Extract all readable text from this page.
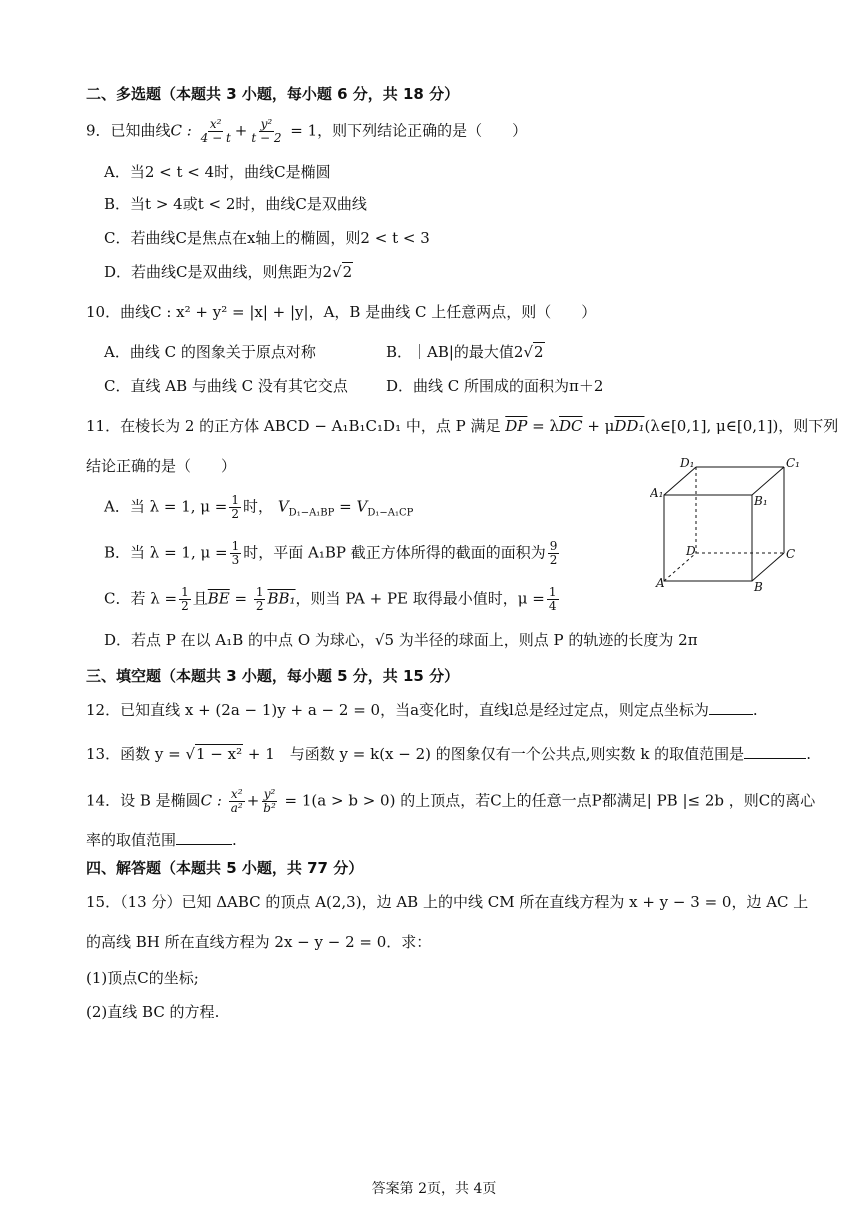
二、多选题（本题共 3 小题，每小题 6 分，共 18 分）
9．已知曲线C : $\frac{\text{x²}}{4 - t} + \frac{\text{y²}}{t - 2} = 1$，则下列结论正确的是（　　）
A．当2 < t < 4时，曲线C是椭圆
B．当t > 4或t < 2时，曲线C是双曲线
C．若曲线C是焦点在x轴上的椭圆，则2 < t < 3
D．若曲线C是双曲线，则焦距为2√2
10．曲线C : x² + y² = |x| + |y|，A，B 是曲线 C 上任意两点，则（　　）
A．曲线 C 的图象关于原点对称	B．｜AB|的最大值2√2
C．直线 AB 与曲线 C 没有其它交点	D．曲线 C 所围成的面积为π＋2
11．在棱长为 2 的正方体 ABCD − A₁B₁C₁D₁ 中，点 P 满足 $\overline{DP} = \lambda\overline{DC}$ + μDD₁(λ∈[0,1], μ∈[0,1])，则下列
结论正确的是（　　）
A．当 λ = 1, $\mu = \frac{1}{2}$ 时， $V_{D_1-A_1BP} = V_{D_1-A_1CP}$
B．当 λ = 1, $\mu = \frac{1}{3}$ 时，平面 A₁BP 截正方体所得的截面的面积为 $\frac{9}{2}$
C．若 $\lambda = \frac{1}{2}$ 且$\overline{BE} = \frac{1}{2} BB_1$，则当 PA + PE 取得最小值时，$\mu = \frac{1}{4}$
D．若点 P 在以 A₁B 的中点 O 为球心，√5 为半径的球面上，则点 P 的轨迹的长度为 2π
D₁	C₁
A₁
B₁
D	C
A	B
三、填空题（本题共 3 小题，每小题 5 分，共 15 分）
12．已知直线 x + (2a − 1)y + a − 2 = 0，当a变化时，直线l总是经过定点，则定点坐标为	.
13．函数 y = √1 − x² + 1　与函数 y = k(x − 2) 的图象仅有一个公共点,则实数 k 的取值范围是	.
14．设 B 是椭圆C : $\frac{\text{x²}}{\text{a²}} + \frac{\text{y²}}{\text{b²}} = 1(a > b > 0)$ 的上顶点，若C上的任意一点P都满足| PB |≤ 2b ，则C的离心
率的取值范围	.
四、解答题（本题共 5 小题，共 77 分）
15．（13 分）已知 ΔABC 的顶点 A(2,3)，边 AB 上的中线 CM 所在直线方程为 x + y − 3 = 0，边 AC 上
的高线 BH 所在直线方程为 2x − y − 2 = 0．求：
(1)顶点C的坐标;
(2)直线 BC 的方程.
答案第 2页，共 4页
